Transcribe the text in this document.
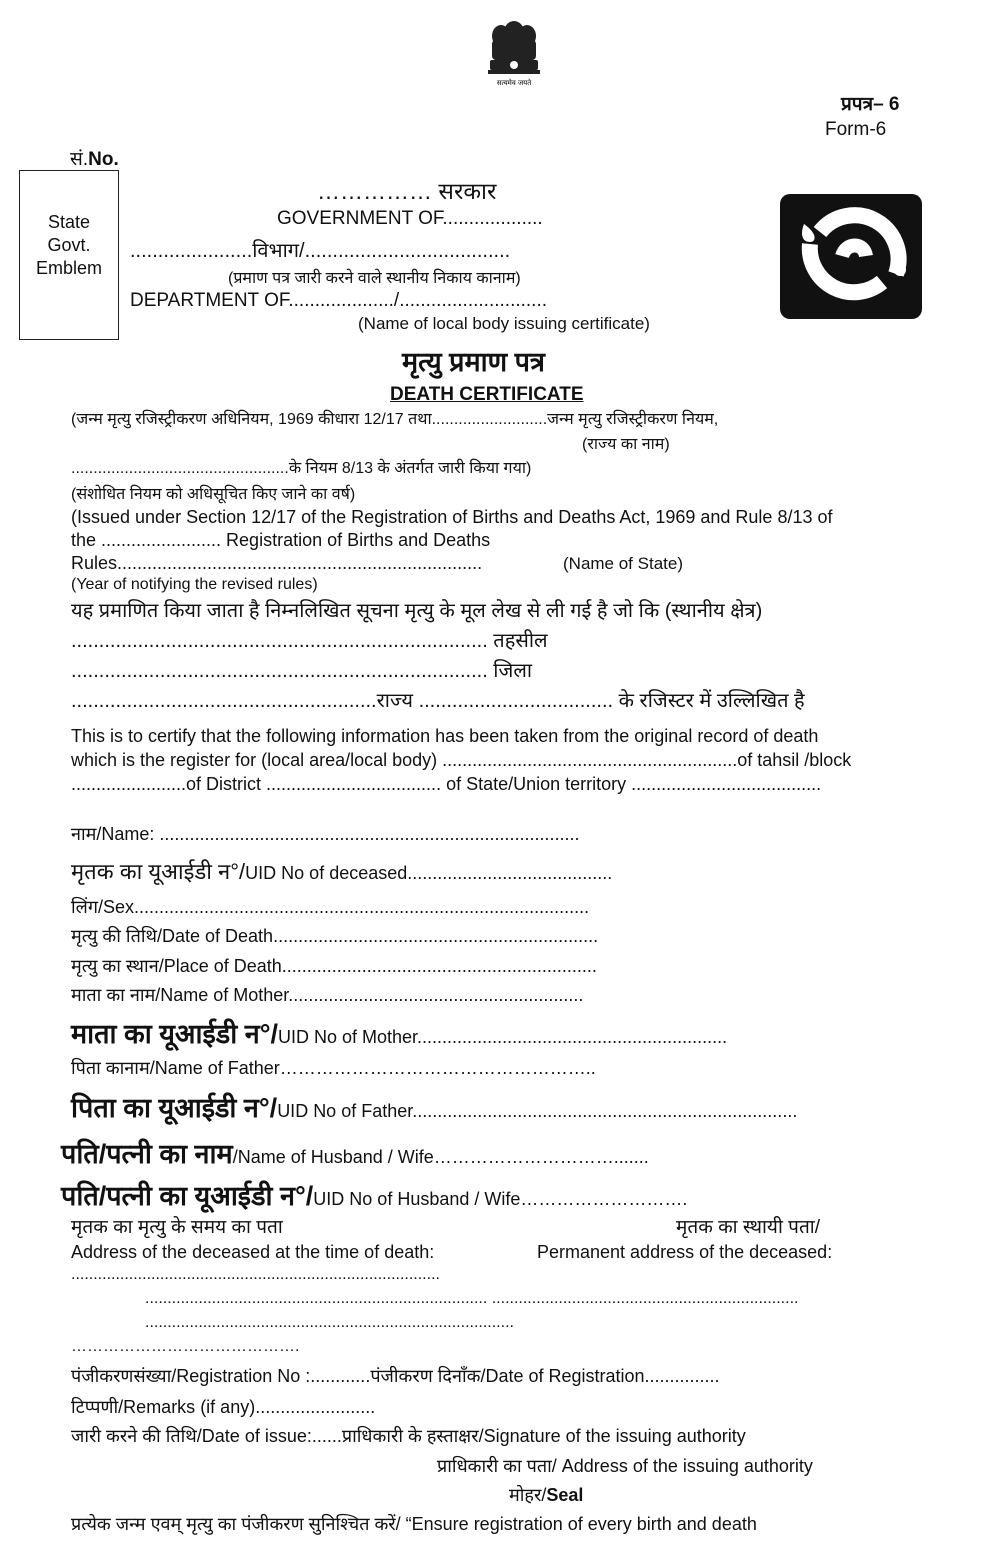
सत्यमेव जयते
प्रपत्र– 6
Form-6
सं.No.
State
Govt.
Emblem
…………… सरकार
GOVERNMENT OF...................
......................विभाग/.....................................
(प्रमाण पत्र जारी करने वाले स्थानीय निकाय कानाम)
DEPARTMENT OF..................../............................
(Name of local body issuing certificate)
मृत्यु प्रमाण पत्र
DEATH CERTIFICATE
(जन्म मृत्यु रजिस्ट्रीकरण अधिनियम, 1969 कीधारा 12/17 तथा..........................जन्म मृत्यु रजिस्ट्रीकरण नियम,
(राज्य का नाम)
.................................................के नियम 8/13 के अंतर्गत जारी किया गया)
(संशोधित नियम को अधिसूचित किए जाने का वर्ष)
(Issued under Section 12/17 of the Registration of Births and Deaths Act, 1969 and Rule 8/13 of
the ........................ Registration of Births and Deaths
Rules.........................................................................	(Name of State)
(Year of notifying the revised rules)
यह प्रमाणित किया जाता है निम्नलिखित सूचना मृत्यु के मूल लेख से ली गई है जो कि (स्थानीय क्षेत्र)
........................................................................... तहसील
........................................................................... जिला
.......................................................राज्य ................................... के रजिस्टर में उल्लिखित है
This is to certify that the following information has been taken from the original record of death
which is the register for (local area/local body) ...........................................................of tahsil /block
.......................of District ................................... of State/Union territory ......................................
नाम/Name: ....................................................................................
मृतक का यूआईडी न°/UID No of deceased.........................................
लिंग/Sex...........................................................................................
मृत्यु की तिथि/Date of Death.................................................................
मृत्यु का स्थान/Place of Death...............................................................
माता का नाम/Name of Mother...........................................................
माता का यूआईडी न°/UID No of Mother..............................................................
पिता कानाम/Name of Father……………………………………………..
पिता का यूआईडी न°/UID No of Father.............................................................................
पति/पत्नी का नाम/Name of Husband / Wife………………………….......
पति/पत्नी का यूआईडी न°/UID No of Husband / Wife……………………….
मृतक का मृत्यु के समय का पता	मृतक का स्थायी पता/
Address of the deceased at the time of death:	Permanent address of the deceased:
...................................................................................
............................................................................. .....................................................................
...................................................................................
…………………………………….
पंजीकरणसंख्या/Registration No :............पंजीकरण दिनाँक/Date of Registration...............
टिप्पणी/Remarks (if any)........................
जारी करने की तिथि/Date of issue:......प्राधिकारी के हस्ताक्षर/Signature of the issuing authority
प्राधिकारी का पता/ Address of the issuing authority
मोहर/Seal
प्रत्येक जन्म एवम् मृत्यु का पंजीकरण सुनिश्चित करें/ “Ensure registration of every birth and death
